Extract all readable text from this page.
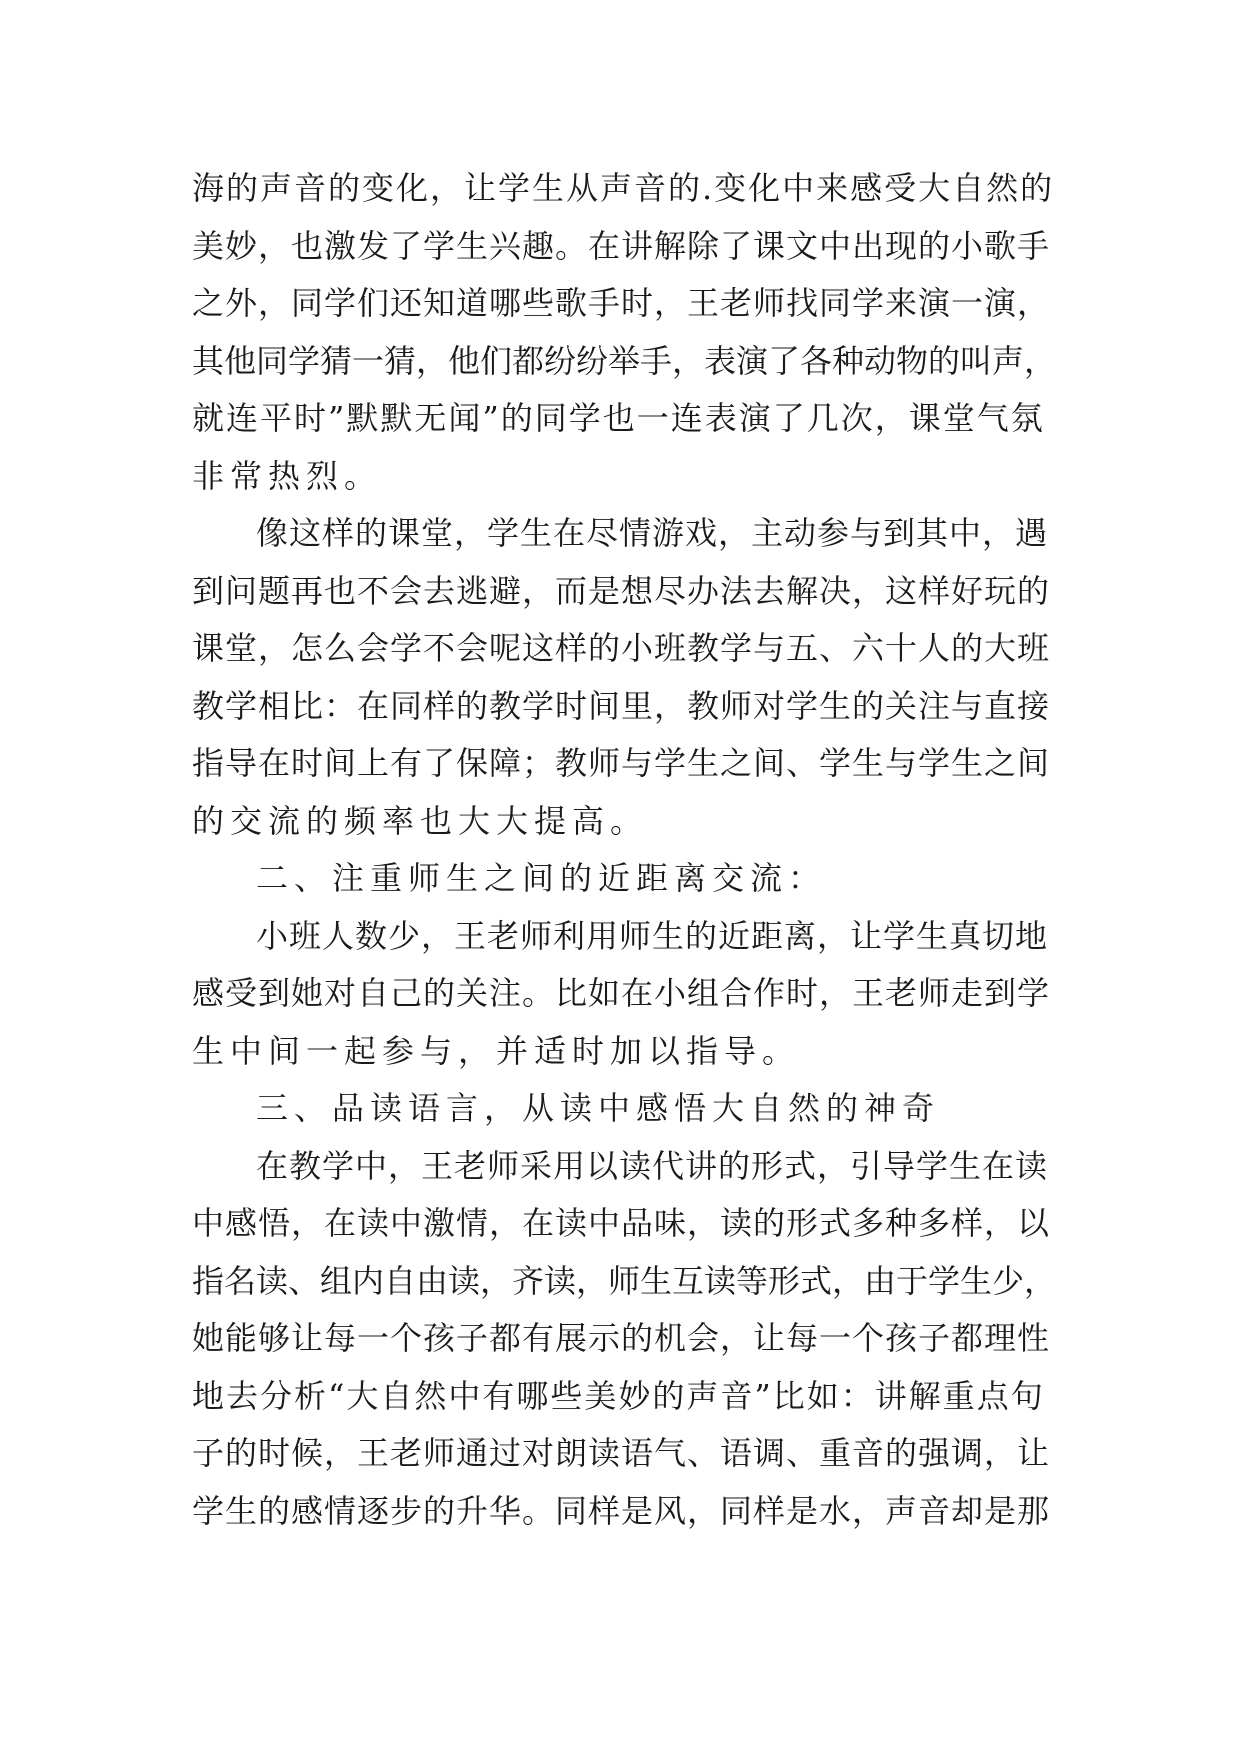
海的声音的变化，让学生从声音的.变化中来感受大自然的
美妙，也激发了学生兴趣。在讲解除了课文中出现的小歌手
之外，同学们还知道哪些歌手时，王老师找同学来演一演，
其他同学猜一猜，他们都纷纷举手，表演了各种动物的叫声，
就连平时”默默无闻”的同学也一连表演了几次，课堂气氛
非常热烈。
像这样的课堂，学生在尽情游戏，主动参与到其中，遇
到问题再也不会去逃避，而是想尽办法去解决，这样好玩的
课堂，怎么会学不会呢这样的小班教学与五、六十人的大班
教学相比：在同样的教学时间里，教师对学生的关注与直接
指导在时间上有了保障；教师与学生之间、学生与学生之间
的交流的频率也大大提高。
二、注重师生之间的近距离交流：
小班人数少，王老师利用师生的近距离，让学生真切地
感受到她对自己的关注。比如在小组合作时，王老师走到学
生中间一起参与，并适时加以指导。
三、品读语言，从读中感悟大自然的神奇
在教学中，王老师采用以读代讲的形式，引导学生在读
中感悟，在读中激情，在读中品味，读的形式多种多样，以
指名读、组内自由读，齐读，师生互读等形式，由于学生少，
她能够让每一个孩子都有展示的机会，让每一个孩子都理性
地去分析“大自然中有哪些美妙的声音”比如：讲解重点句
子的时候，王老师通过对朗读语气、语调、重音的强调，让
学生的感情逐步的升华。同样是风，同样是水，声音却是那
